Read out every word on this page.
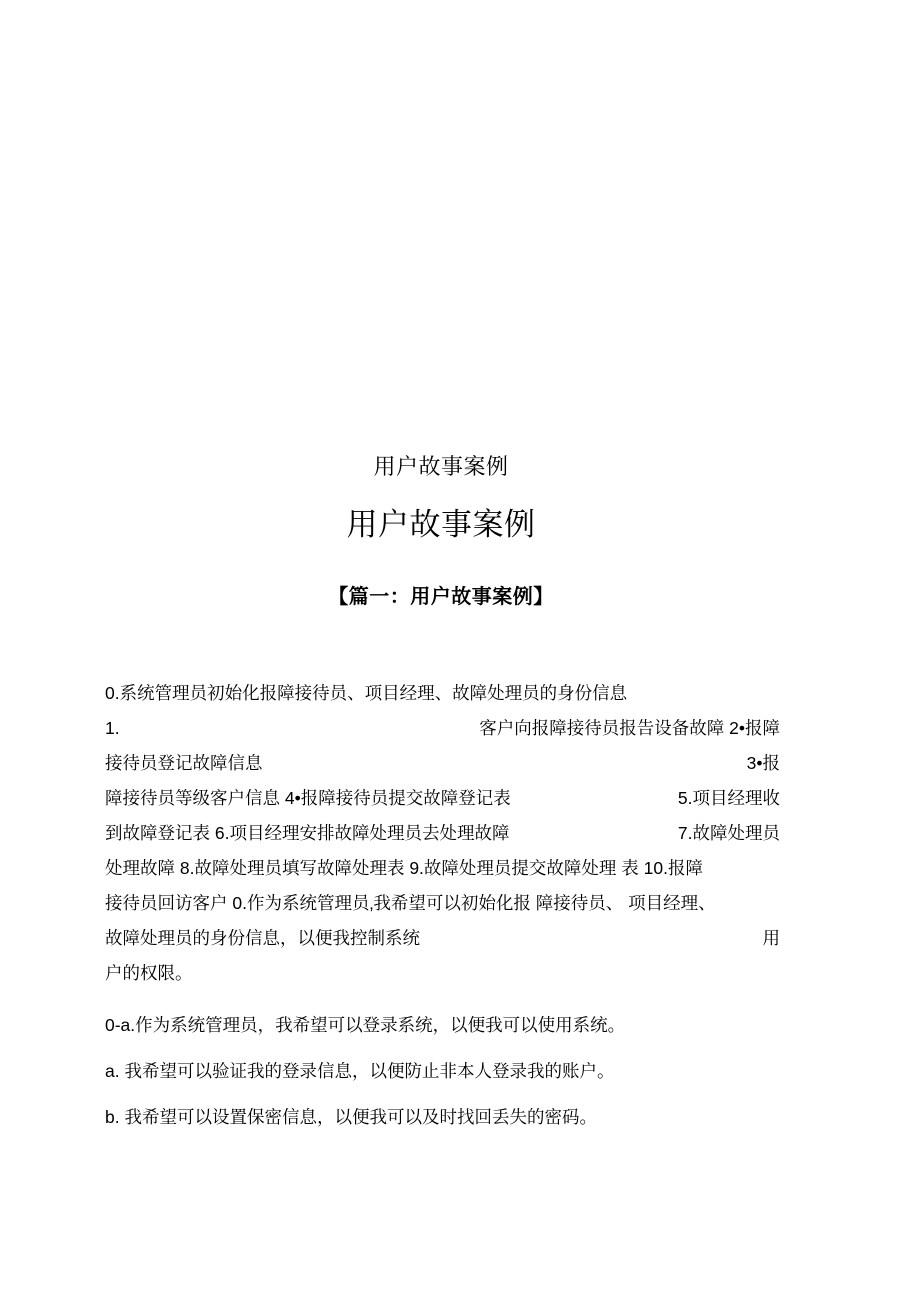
用户故事案例
用户故事案例
【篇一：用户故事案例】

0.系统管理员初始化报障接待员、项目经理、故障处理员的身份信息

1.	客户向报障接待员报告设备故障 2•报障
接待员登记故障信息	3•报
障接待员等级客户信息 4•报障接待员提交故障登记表	5.项目经理收
到故障登记表 6.项目经理安排故障处理员去处理故障	7.故障处理员
处理故障 8.故障处理员填写故障处理表 9.故障处理员提交故障处理 表 10.报障
接待员回访客户 0.作为系统管理员‚我希望可以初始化报 障接待员、 项目经理、
故障处理员的身份信息，以便我控制系统	用
户的权限。

0-a.作为系统管理员，我希望可以登录系统，以便我可以使用系统。

a. 我希望可以验证我的登录信息，以便防止非本人登录我的账户。

b. 我希望可以设置保密信息，以便我可以及时找回丢失的密码。
